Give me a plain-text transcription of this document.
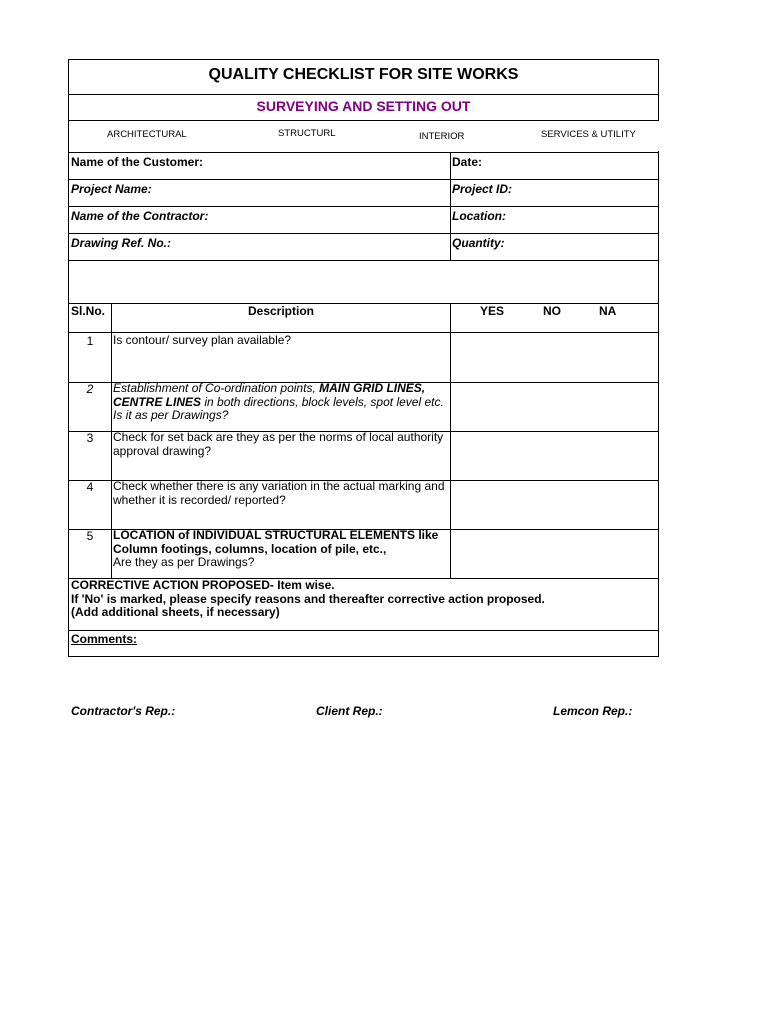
QUALITY CHECKLIST FOR SITE WORKS
SURVEYING AND SETTING OUT
ARCHITECTURAL	STRUCTURL	INTERIOR	SERVICES & UTILITY
Name of the Customer:	Date:
Project Name:	Project ID:
Name of the Contractor:	Location:
Drawing Ref. No.:	Quantity:
Sl.No.	Description	YES	NO	NA
1	Is contour/ survey plan available?
2	Establishment of Co-ordination points, MAIN GRID LINES, CENTRE LINES in both directions, block levels, spot level etc. Is it as per Drawings?
3	Check for set back are they as per the norms of local authority approval drawing?
4	Check whether there is any variation in the actual marking and whether it is recorded/ reported?
5	LOCATION of INDIVIDUAL STRUCTURAL ELEMENTS like Column footings, columns, location of pile, etc.,
Are they as per Drawings?
CORRECTIVE ACTION PROPOSED- Item wise.
If 'No' is marked, please specify reasons and thereafter corrective action proposed.
(Add additional sheets, if necessary)
Comments:
Contractor's Rep.:	Client Rep.:	Lemcon Rep.:
